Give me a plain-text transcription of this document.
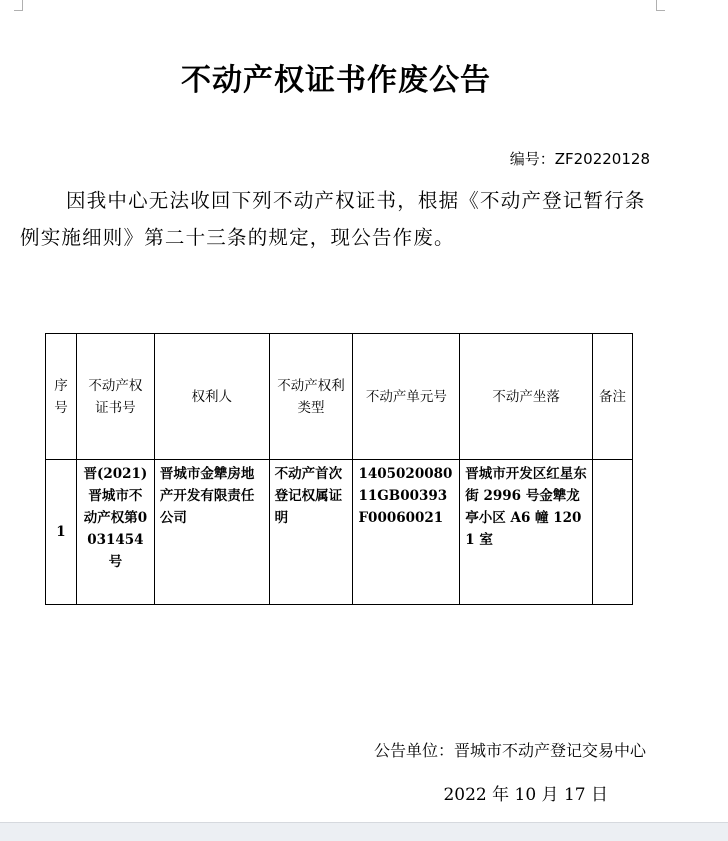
不动产权证书作废公告
编号：ZF20220128

因我中心无法收回下列不动产权证书，根据《不动产登记暂行条例实施细则》第二十三条的规定，现公告作废。

序号	不动产权证书号	权利人	不动产权利类型	不动产单元号	不动产坐落	备注
1	晋(2021)晋城市不动产权第0031454号	晋城市金犨房地产开发有限责任公司	不动产首次登记权属证明	140502008011GB00393F00060021	晋城市开发区红星东街 2996 号金犨龙亭小区 A6 幢 1201 室	
公告单位：晋城市不动产登记交易中心
2022 年 10 月 17 日
